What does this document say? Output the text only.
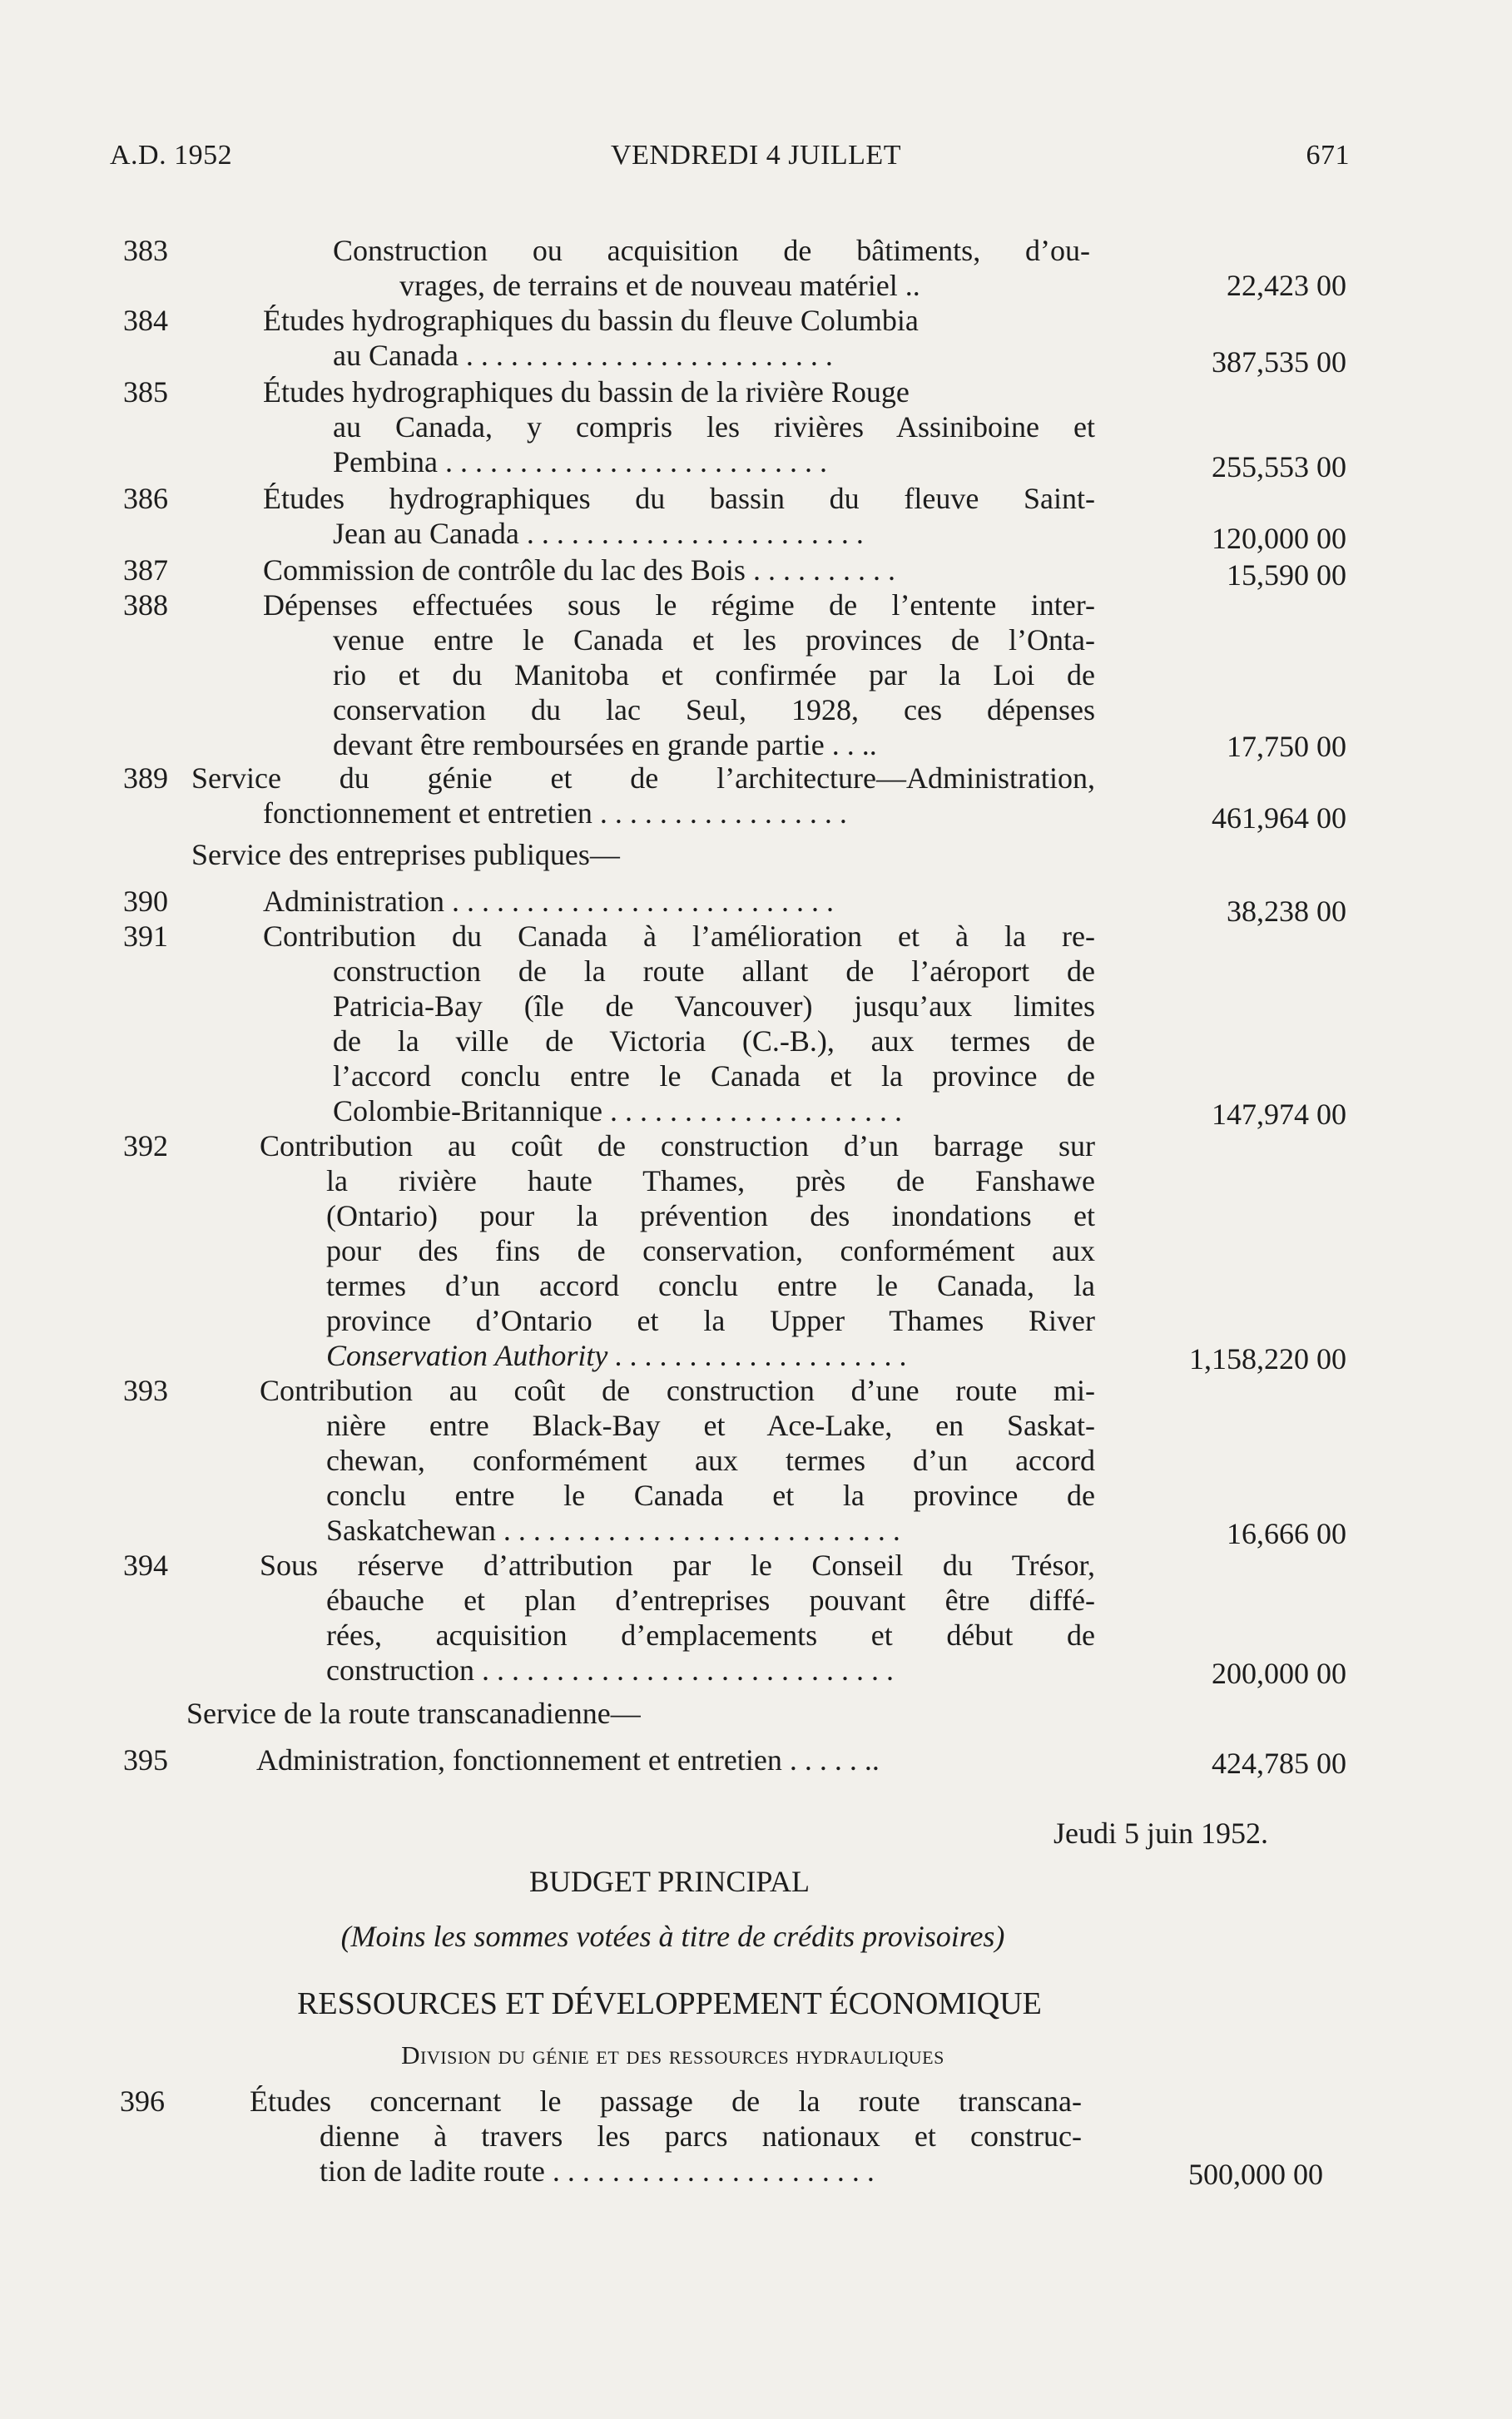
A.D. 1952	VENDREDI 4 JUILLET	671
383	Construction ou acquisition de bâtiments, d’ou-
vrages, de terrains et de nouveau matériel ..	22,423 00
384	Études hydrographiques du bassin du fleuve Columbia
au Canada . . . . . . . . . . . . . . . . . . . . . . . . .	387,535 00
385	Études hydrographiques du bassin de la rivière Rouge
au Canada, y compris les rivières Assiniboine et
Pembina . . . . . . . . . . . . . . . . . . . . . . . . . .	255,553 00
386	Études hydrographiques du bassin du fleuve Saint-
Jean au Canada . . . . . . . . . . . . . . . . . . . . . . .	120,000 00
387	Commission de contrôle du lac des Bois . . . . . . . . . .	15,590 00
388	Dépenses effectuées sous le régime de l’entente inter-
venue entre le Canada et les provinces de l’Onta-
rio et du Manitoba et confirmée par la Loi de
conservation du lac Seul, 1928, ces dépenses
devant être remboursées en grande partie . . ..	17,750 00
389 Service du génie et de l’architecture—Administration,
fonctionnement et entretien . . . . . . . . . . . . . . . . .	461,964 00
Service des entreprises publiques—
390	Administration . . . . . . . . . . . . . . . . . . . . . . . . . .	38,238 00
391	Contribution du Canada à l’amélioration et à la re-
construction de la route allant de l’aéroport de
Patricia-Bay (île de Vancouver) jusqu’aux limites
de la ville de Victoria (C.-B.), aux termes de
l’accord conclu entre le Canada et la province de
Colombie-Britannique . . . . . . . . . . . . . . . . . . . .	147,974 00
392	Contribution au coût de construction d’un barrage sur
la rivière haute Thames, près de Fanshawe
(Ontario) pour la prévention des inondations et
pour des fins de conservation, conformément aux
termes d’un accord conclu entre le Canada, la
province d’Ontario et la Upper Thames River
Conservation Authority . . . . . . . . . . . . . . . . . . . .	1,158,220 00
393	Contribution au coût de construction d’une route mi-
nière entre Black-Bay et Ace-Lake, en Saskat-
chewan, conformément aux termes d’un accord
conclu entre le Canada et la province de
Saskatchewan . . . . . . . . . . . . . . . . . . . . . . . . . . .	16,666 00
394	Sous réserve d’attribution par le Conseil du Trésor,
ébauche et plan d’entreprises pouvant être diffé-
rées, acquisition d’emplacements et début de
construction . . . . . . . . . . . . . . . . . . . . . . . . . . . .	200,000 00
Service de la route transcanadienne—
395	Administration, fonctionnement et entretien . . . . . ..	424,785 00
Jeudi 5 juin 1952.
BUDGET PRINCIPAL
(Moins les sommes votées à titre de crédits provisoires)
RESSOURCES ET DÉVELOPPEMENT ÉCONOMIQUE
Division du génie et des ressources hydrauliques
396	Études concernant le passage de la route transcana-
dienne à travers les parcs nationaux et construc-
tion de ladite route . . . . . . . . . . . . . . . . . . . . . .	500,000 00
